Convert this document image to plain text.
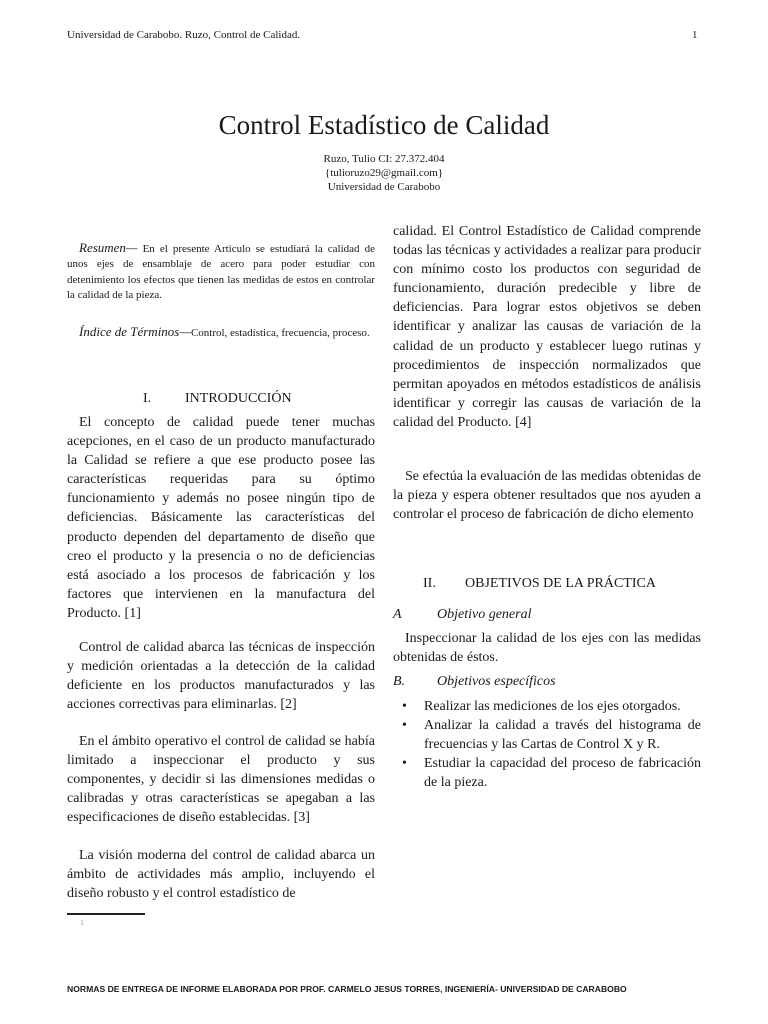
Universidad de Carabobo. Ruzo, Control de Calidad.	1
Control Estadístico de Calidad
Ruzo, Tulio CI: 27.372.404
{tulioruzo29@gmail.com}
Universidad de Carabobo

Resumen— En el presente Articulo se estudiará la calidad de unos ejes de ensamblaje de acero para poder estudiar con detenimiento los efectos que tienen las medidas de estos en controlar la calidad de la pieza.

Índice de Términos—Control, estadística, frecuencia, proceso.

I. INTRODUCCIÓN

El concepto de calidad puede tener muchas acepciones, en el caso de un producto manufacturado la Calidad se refiere a que ese producto posee las características requeridas para su óptimo funcionamiento y además no posee ningún tipo de deficiencias. Básicamente las características del producto dependen del departamento de diseño que creo el producto y la presencia o no de deficiencias está asociado a los procesos de fabricación y los factores que intervienen en la manufactura del Producto. [1]

Control de calidad abarca las técnicas de inspección y medición orientadas a la detección de la calidad deficiente en los productos manufacturados y las acciones correctivas para eliminarlas. [2]

En el ámbito operativo el control de calidad se había limitado a inspeccionar el producto y sus componentes, y decidir si las dimensiones medidas o calibradas y otras características se apegaban a las especificaciones de diseño establecidas. [3]

La visión moderna del control de calidad abarca un ámbito de actividades más amplio, incluyendo el diseño robusto y el control estadístico de

1

calidad. El Control Estadístico de Calidad comprende todas las técnicas y actividades a realizar para producir con mínimo costo los productos con seguridad de funcionamiento, duración predecible y libre de deficiencias. Para lograr estos objetivos se deben identificar y analizar las causas de variación de la calidad de un producto y establecer luego rutinas y procedimientos de inspección normalizados que permitan apoyados en métodos estadísticos de análisis identificar y corregir las causas de variación de la calidad del Producto. [4]

Se efectúa la evaluación de las medidas obtenidas de la pieza y espera obtener resultados que nos ayuden a controlar el proceso de fabricación de dicho elemento

II. OBJETIVOS DE LA PRÁCTICA
A	Objetivo general

Inspeccionar la calidad de los ejes con las medidas obtenidas de éstos.

B. Objetivos específicos
• Realizar las mediciones de los ejes otorgados.
• Analizar la calidad a través del histograma de frecuencias y las Cartas de Control X y R.
• Estudiar la capacidad del proceso de fabricación de la pieza.
NORMAS DE ENTREGA DE INFORME ELABORADA POR PROF. CARMELO JESUS TORRES, INGENIERÍA- UNIVERSIDAD DE CARABOBO
